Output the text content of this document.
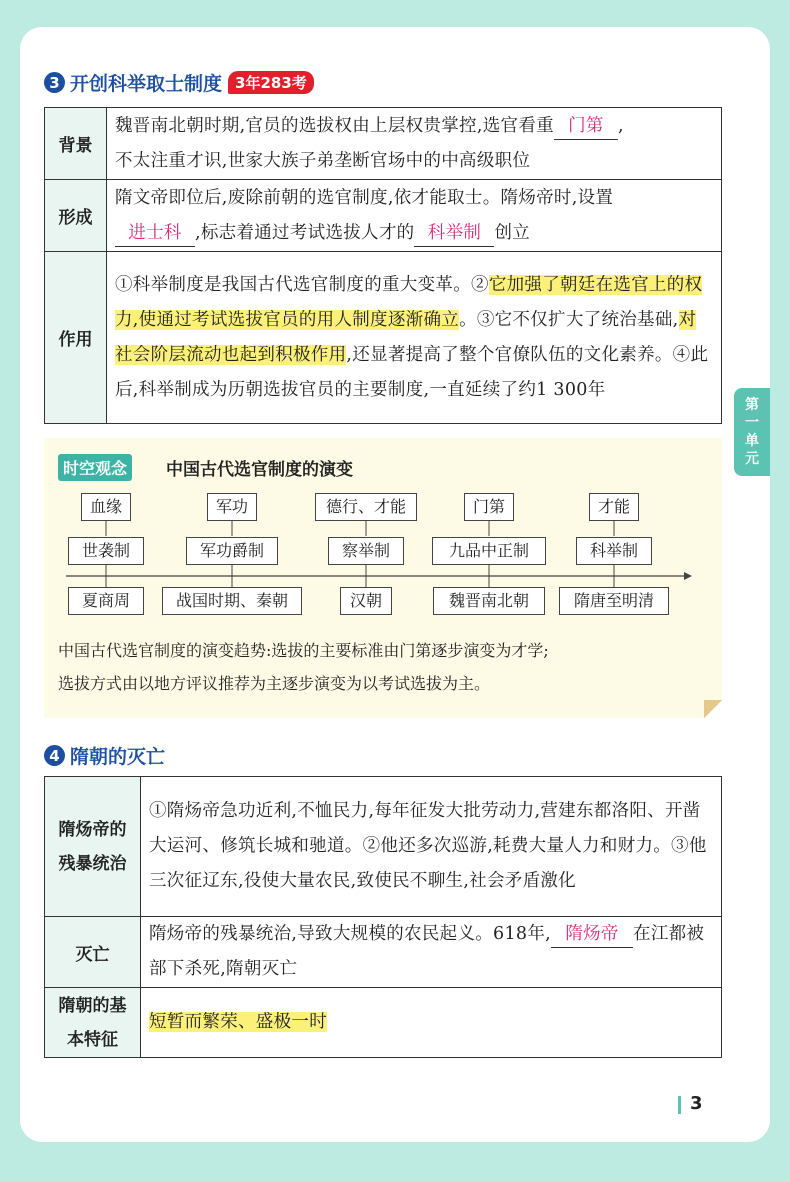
3 开创科举取士制度 3年283考
背景	魏晋南北朝时期,官员的选拔权由上层权贵掌控,选官看重 门第 ,
不太注重才识,世家大族子弟垄断官场中的中高级职位
形成	隋文帝即位后,废除前朝的选官制度,依才能取士。隋炀帝时,设置
进士科 ,标志着通过考试选拔人才的 科举制 创立
作用	①科举制度是我国古代选官制度的重大变革。②它加强了朝廷在选官上的权力,使通过考试选拔官员的用人制度逐渐确立。③它不仅扩大了统治基础,对社会阶层流动也起到积极作用,还显著提高了整个官僚队伍的文化素养。④此后,科举制成为历朝选拔官员的主要制度,一直延续了约1 300年
第
一
单
元
时空观念 中国古代选官制度的演变
血缘	军功	德行、才能	门第	才能
世袭制	军功爵制	察举制	九品中正制	科举制
夏商周	战国时期、秦朝	汉朝	魏晋南北朝	隋唐至明清
中国古代选官制度的演变趋势:选拔的主要标准由门第逐步演变为才学;
选拔方式由以地方评议推荐为主逐步演变为以考试选拔为主。
4 隋朝的灭亡
隋炀帝的残暴统治	①隋炀帝急功近利,不恤民力,每年征发大批劳动力,营建东都洛阳、开凿大运河、修筑长城和驰道。②他还多次巡游,耗费大量人力和财力。③他三次征辽东,役使大量农民,致使民不聊生,社会矛盾激化
灭亡	隋炀帝的残暴统治,导致大规模的农民起义。618年, 隋炀帝 在江都被部下杀死,隋朝灭亡
隋朝的基本特征	短暂而繁荣、盛极一时
3
